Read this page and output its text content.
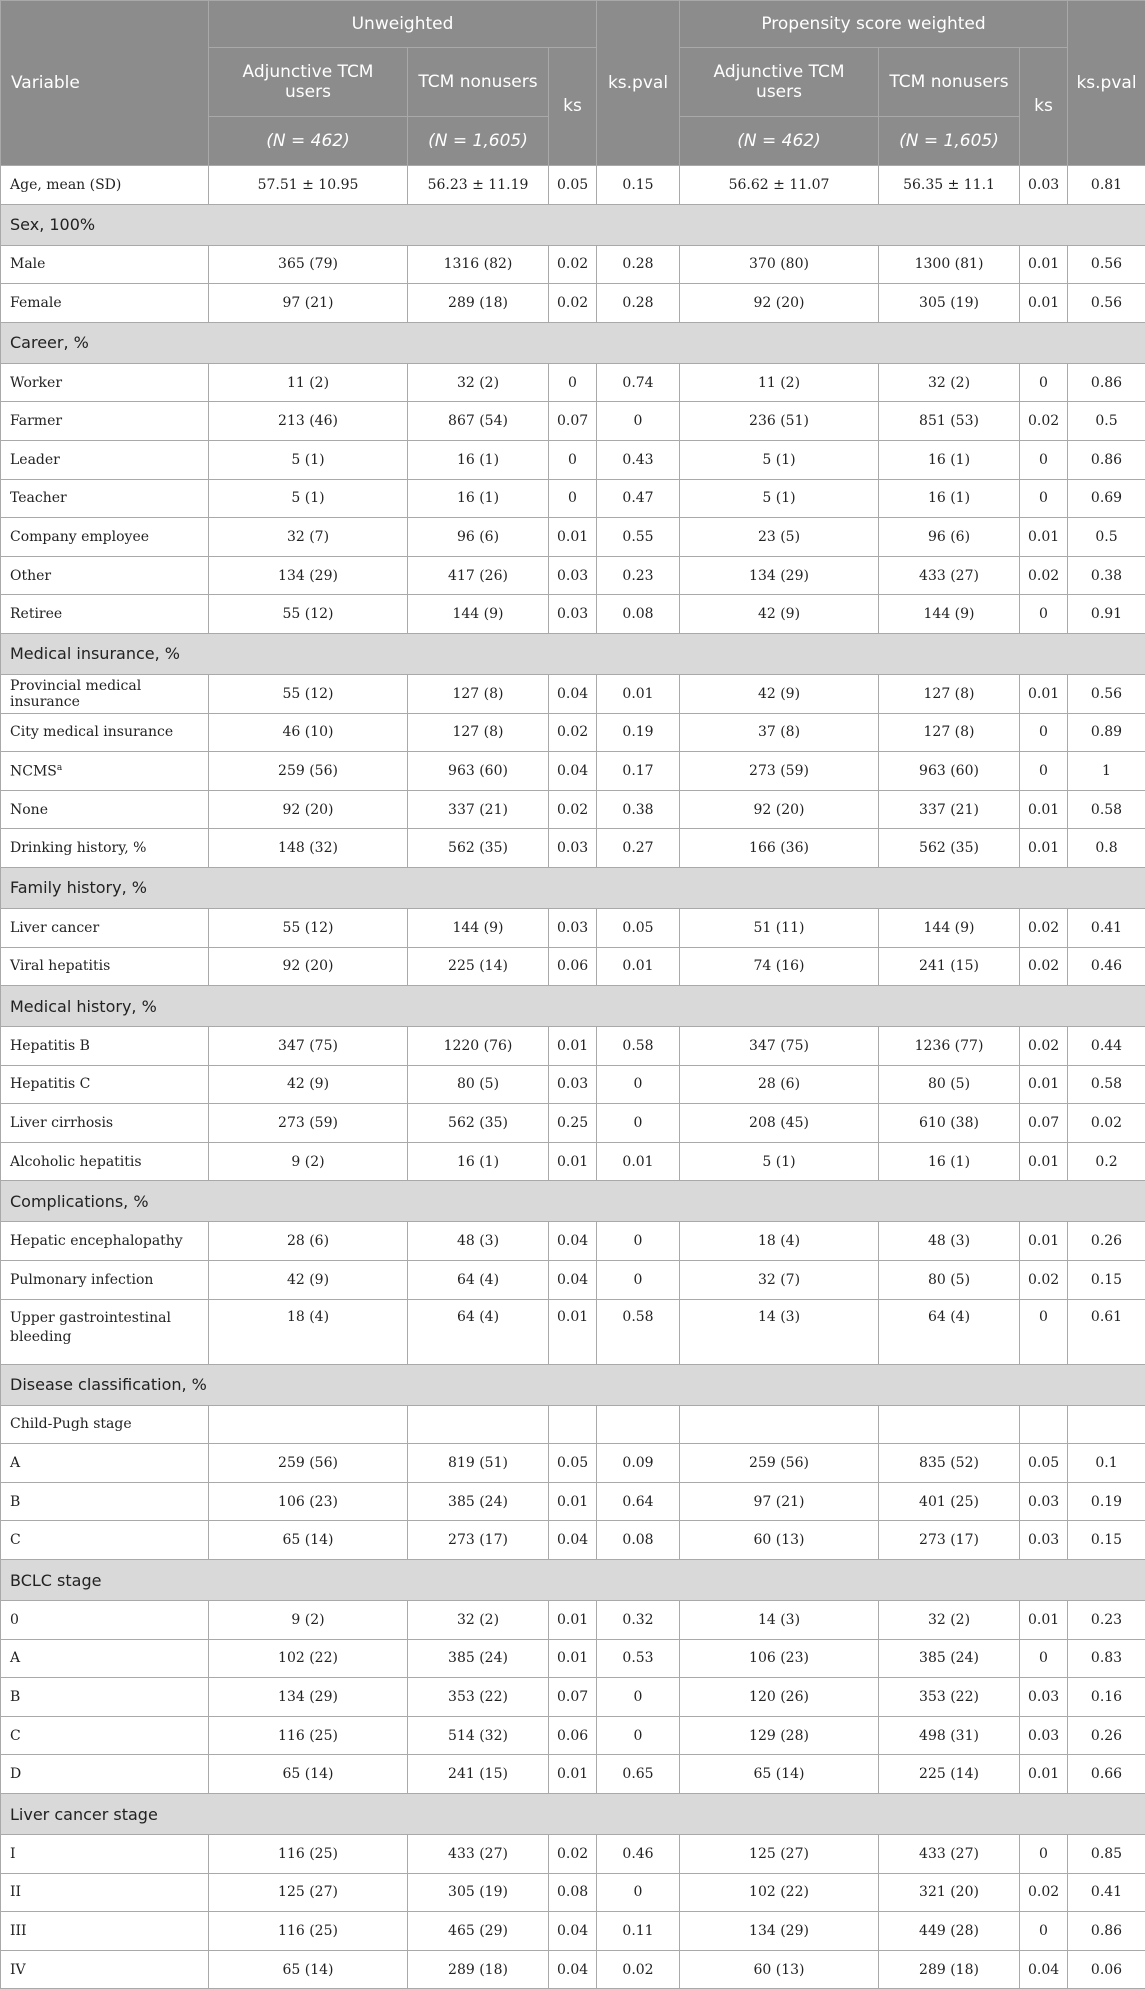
Variable	Unweighted			ks.pval	Propensity score weighted			ks.pval
	Adjunctive TCM users	TCM nonusers	ks		Adjunctive TCM users	TCM nonusers	ks	
	(N = 462)	(N = 1,605)			(N = 462)	(N = 1,605)		
Age, mean (SD)	57.51 ± 10.95	56.23 ± 11.19	0.05	0.15	56.62 ± 11.07	56.35 ± 11.1	0.03	0.81
Sex, 100%								
Male	365 (79)	1316 (82)	0.02	0.28	370 (80)	1300 (81)	0.01	0.56
Female	97 (21)	289 (18)	0.02	0.28	92 (20)	305 (19)	0.01	0.56
Career, %								
Worker	11 (2)	32 (2)	0	0.74	11 (2)	32 (2)	0	0.86
Farmer	213 (46)	867 (54)	0.07	0	236 (51)	851 (53)	0.02	0.5
Leader	5 (1)	16 (1)	0	0.43	5 (1)	16 (1)	0	0.86
Teacher	5 (1)	16 (1)	0	0.47	5 (1)	16 (1)	0	0.69
Company employee	32 (7)	96 (6)	0.01	0.55	23 (5)	96 (6)	0.01	0.5
Other	134 (29)	417 (26)	0.03	0.23	134 (29)	433 (27)	0.02	0.38
Retiree	55 (12)	144 (9)	0.03	0.08	42 (9)	144 (9)	0	0.91
Medical insurance, %								
Provincial medical insurance	55 (12)	127 (8)	0.04	0.01	42 (9)	127 (8)	0.01	0.56
City medical insurance	46 (10)	127 (8)	0.02	0.19	37 (8)	127 (8)	0	0.89
NCMS$^a$	259 (56)	963 (60)	0.04	0.17	273 (59)	963 (60)	0	1
None	92 (20)	337 (21)	0.02	0.38	92 (20)	337 (21)	0.01	0.58
Drinking history, %	148 (32)	562 (35)	0.03	0.27	166 (36)	562 (35)	0.01	0.8
Family history, %								
Liver cancer	55 (12)	144 (9)	0.03	0.05	51 (11)	144 (9)	0.02	0.41
Viral hepatitis	92 (20)	225 (14)	0.06	0.01	74 (16)	241 (15)	0.02	0.46
Medical history, %								
Hepatitis B	347 (75)	1220 (76)	0.01	0.58	347 (75)	1236 (77)	0.02	0.44
Hepatitis C	42 (9)	80 (5)	0.03	0	28 (6)	80 (5)	0.01	0.58
Liver cirrhosis	273 (59)	562 (35)	0.25	0	208 (45)	610 (38)	0.07	0.02
Alcoholic hepatitis	9 (2)	16 (1)	0.01	0.01	5 (1)	16 (1)	0.01	0.2
Complications, %								
Hepatic encephalopathy	28 (6)	48 (3)	0.04	0	18 (4)	48 (3)	0.01	0.26
Pulmonary infection	42 (9)	64 (4)	0.04	0	32 (7)	80 (5)	0.02	0.15
Upper gastrointestinal bleeding	18 (4)	64 (4)	0.01	0.58	14 (3)	64 (4)	0	0.61
Disease classification, %								
Child-Pugh stage								
A	259 (56)	819 (51)	0.05	0.09	259 (56)	835 (52)	0.05	0.1
B	106 (23)	385 (24)	0.01	0.64	97 (21)	401 (25)	0.03	0.19
C	65 (14)	273 (17)	0.04	0.08	60 (13)	273 (17)	0.03	0.15
BCLC stage								
0	9 (2)	32 (2)	0.01	0.32	14 (3)	32 (2)	0.01	0.23
A	102 (22)	385 (24)	0.01	0.53	106 (23)	385 (24)	0	0.83
B	134 (29)	353 (22)	0.07	0	120 (26)	353 (22)	0.03	0.16
C	116 (25)	514 (32)	0.06	0	129 (28)	498 (31)	0.03	0.26
D	65 (14)	241 (15)	0.01	0.65	65 (14)	225 (14)	0.01	0.66
Liver cancer stage								
I	116 (25)	433 (27)	0.02	0.46	125 (27)	433 (27)	0	0.85
II	125 (27)	305 (19)	0.08	0	102 (22)	321 (20)	0.02	0.41
III	116 (25)	465 (29)	0.04	0.11	134 (29)	449 (28)	0	0.86
IV	65 (14)	289 (18)	0.04	0.02	60 (13)	289 (18)	0.04	0.06
